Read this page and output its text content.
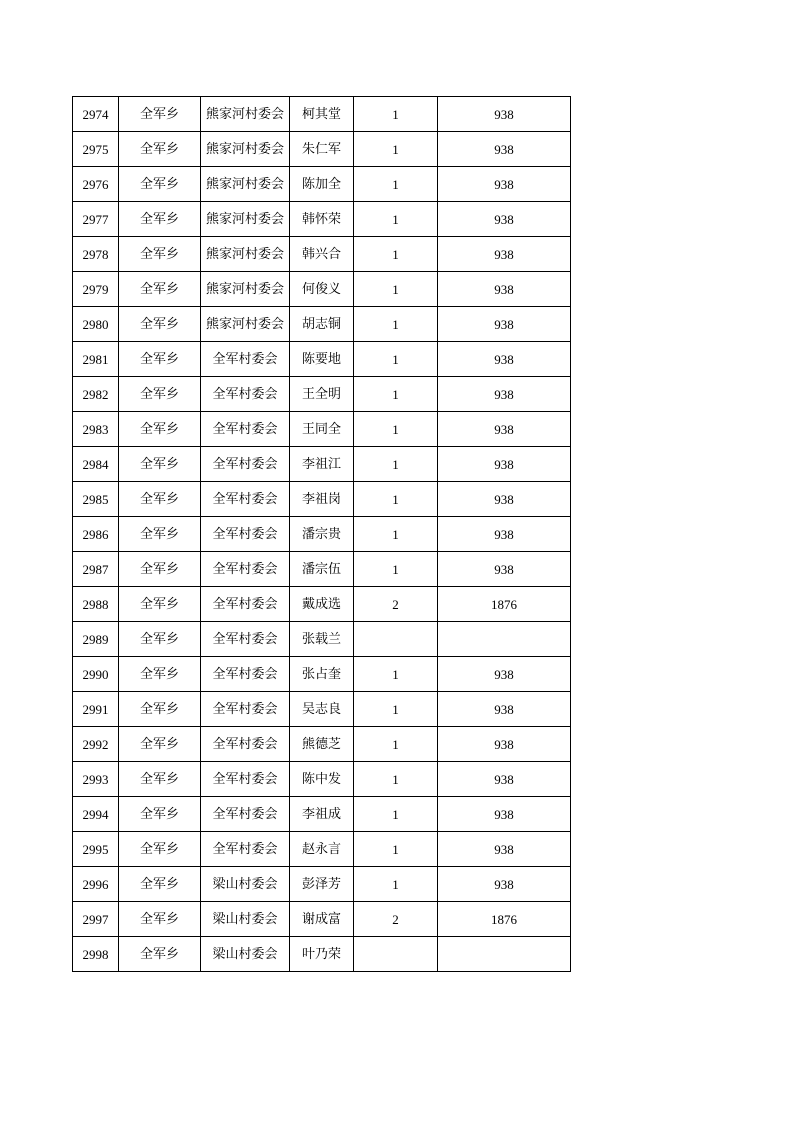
2974	全军乡	熊家河村委会	柯其堂	1	938
2975	全军乡	熊家河村委会	朱仁军	1	938
2976	全军乡	熊家河村委会	陈加全	1	938
2977	全军乡	熊家河村委会	韩怀荣	1	938
2978	全军乡	熊家河村委会	韩兴合	1	938
2979	全军乡	熊家河村委会	何俊义	1	938
2980	全军乡	熊家河村委会	胡志铜	1	938
2981	全军乡	全军村委会	陈要地	1	938
2982	全军乡	全军村委会	王全明	1	938
2983	全军乡	全军村委会	王同全	1	938
2984	全军乡	全军村委会	李祖江	1	938
2985	全军乡	全军村委会	李祖岗	1	938
2986	全军乡	全军村委会	潘宗贵	1	938
2987	全军乡	全军村委会	潘宗伍	1	938
2988	全军乡	全军村委会	戴成选	2	1876
2989	全军乡	全军村委会	张载兰		
2990	全军乡	全军村委会	张占奎	1	938
2991	全军乡	全军村委会	吴志良	1	938
2992	全军乡	全军村委会	熊德芝	1	938
2993	全军乡	全军村委会	陈中发	1	938
2994	全军乡	全军村委会	李祖成	1	938
2995	全军乡	全军村委会	赵永言	1	938
2996	全军乡	梁山村委会	彭泽芳	1	938
2997	全军乡	梁山村委会	谢成富	2	1876
2998	全军乡	梁山村委会	叶乃荣		
